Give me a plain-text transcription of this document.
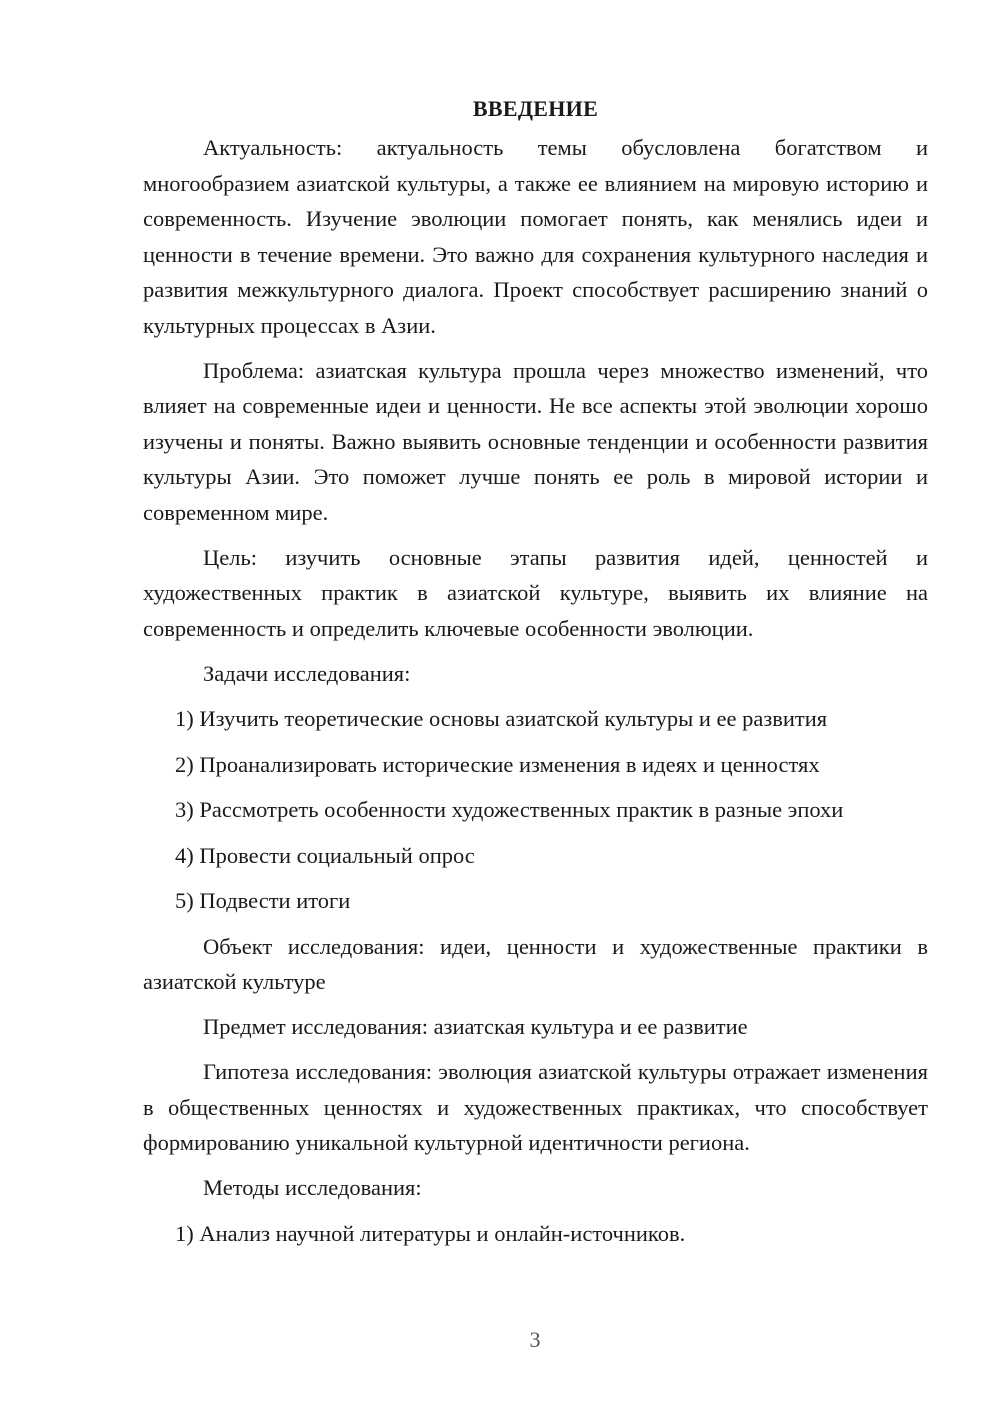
ВВЕДЕНИЕ

Актуальность: актуальность темы обусловлена богатством и многообразием азиатской культуры, а также ее влиянием на мировую историю и современность. Изучение эволюции помогает понять, как менялись идеи и ценности в течение времени. Это важно для сохранения культурного наследия и развития межкультурного диалога. Проект способствует расширению знаний о культурных процессах в Азии.

Проблема: азиатская культура прошла через множество изменений, что влияет на современные идеи и ценности. Не все аспекты этой эволюции хорошо изучены и поняты. Важно выявить основные тенденции и особенности развития культуры Азии. Это поможет лучше понять ее роль в мировой истории и современном мире.

Цель: изучить основные этапы развития идей, ценностей и художественных практик в азиатской культуре, выявить их влияние на современность и определить ключевые особенности эволюции.

Задачи исследования:

1) Изучить теоретические основы азиатской культуры и ее развития
2) Проанализировать исторические изменения в идеях и ценностях
3) Рассмотреть особенности художественных практик в разные эпохи
4) Провести социальный опрос
5) Подвести итоги

Объект исследования: идеи, ценности и художественные практики в азиатской культуре

Предмет исследования: азиатская культура и ее развитие

Гипотеза исследования: эволюция азиатской культуры отражает изменения в общественных ценностях и художественных практиках, что способствует формированию уникальной культурной идентичности региона.

Методы исследования:

1) Анализ научной литературы и онлайн-источников.
3
